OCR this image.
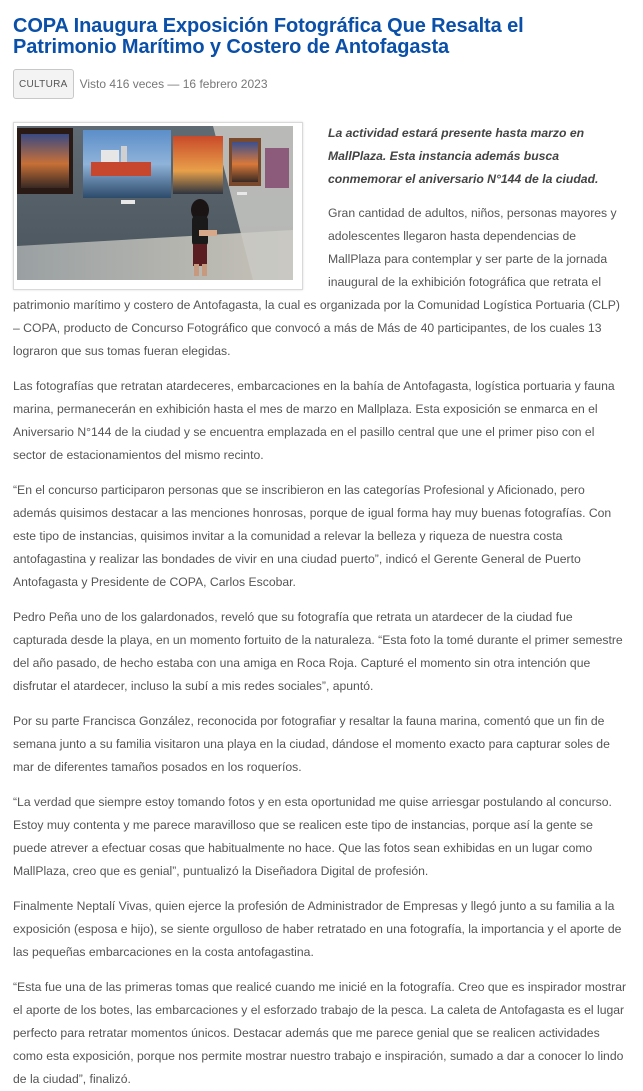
COPA Inaugura Exposición Fotográfica Que Resalta el Patrimonio Marítimo y Costero de Antofagasta
CULTURA	Visto 416 veces — 16 febrero 2023

La actividad estará presente hasta marzo en MallPlaza. Esta instancia además busca conmemorar el aniversario N°144 de la ciudad.

Gran cantidad de adultos, niños, personas mayores y adolescentes llegaron hasta dependencias de MallPlaza para contemplar y ser parte de la jornada inaugural de la exhibición fotográfica que retrata el patrimonio marítimo y costero de Antofagasta, la cual es organizada por la Comunidad Logística Portuaria (CLP) – COPA, producto de Concurso Fotográfico que convocó a más de Más de 40 participantes, de los cuales 13 lograron que sus tomas fueran elegidas.

Las fotografías que retratan atardeceres, embarcaciones en la bahía de Antofagasta, logística portuaria y fauna marina, permanecerán en exhibición hasta el mes de marzo en Mallplaza. Esta exposición se enmarca en el Aniversario N°144 de la ciudad y se encuentra emplazada en el pasillo central que une el primer piso con el sector de estacionamientos del mismo recinto.

“En el concurso participaron personas que se inscribieron en las categorías Profesional y Aficionado, pero además quisimos destacar a las menciones honrosas, porque de igual forma hay muy buenas fotografías. Con este tipo de instancias, quisimos invitar a la comunidad a relevar la belleza y riqueza de nuestra costa antofagastina y realizar las bondades de vivir en una ciudad puerto”, indicó el Gerente General de Puerto Antofagasta y Presidente de COPA, Carlos Escobar.

Pedro Peña uno de los galardonados, reveló que su fotografía que retrata un atardecer de la ciudad fue capturada desde la playa, en un momento fortuito de la naturaleza. “Esta foto la tomé durante el primer semestre del año pasado, de hecho estaba con una amiga en Roca Roja. Capturé el momento sin otra intención que disfrutar el atardecer, incluso la subí a mis redes sociales”, apuntó.

Por su parte Francisca González, reconocida por fotografiar y resaltar la fauna marina, comentó que un fin de semana junto a su familia visitaron una playa en la ciudad, dándose el momento exacto para capturar soles de mar de diferentes tamaños posados en los roqueríos.

“La verdad que siempre estoy tomando fotos y en esta oportunidad me quise arriesgar postulando al concurso. Estoy muy contenta y me parece maravilloso que se realicen este tipo de instancias, porque así la gente se puede atrever a efectuar cosas que habitualmente no hace. Que las fotos sean exhibidas en un lugar como MallPlaza, creo que es genial”, puntualizó la Diseñadora Digital de profesión.

Finalmente Neptalí Vivas, quien ejerce la profesión de Administrador de Empresas y llegó junto a su familia a la exposición (esposa e hijo), se siente orgulloso de haber retratado en una fotografía, la importancia y el aporte de las pequeñas embarcaciones en la costa antofagastina.

“Esta fue una de las primeras tomas que realicé cuando me inicié en la fotografía. Creo que es inspirador mostrar el aporte de los botes, las embarcaciones y el esforzado trabajo de la pesca. La caleta de Antofagasta es el lugar perfecto para retratar momentos únicos. Destacar además que me parece genial que se realicen actividades como esta exposición, porque nos permite mostrar nuestro trabajo e inspiración, sumado a dar a conocer lo lindo de la ciudad”, finalizó.
